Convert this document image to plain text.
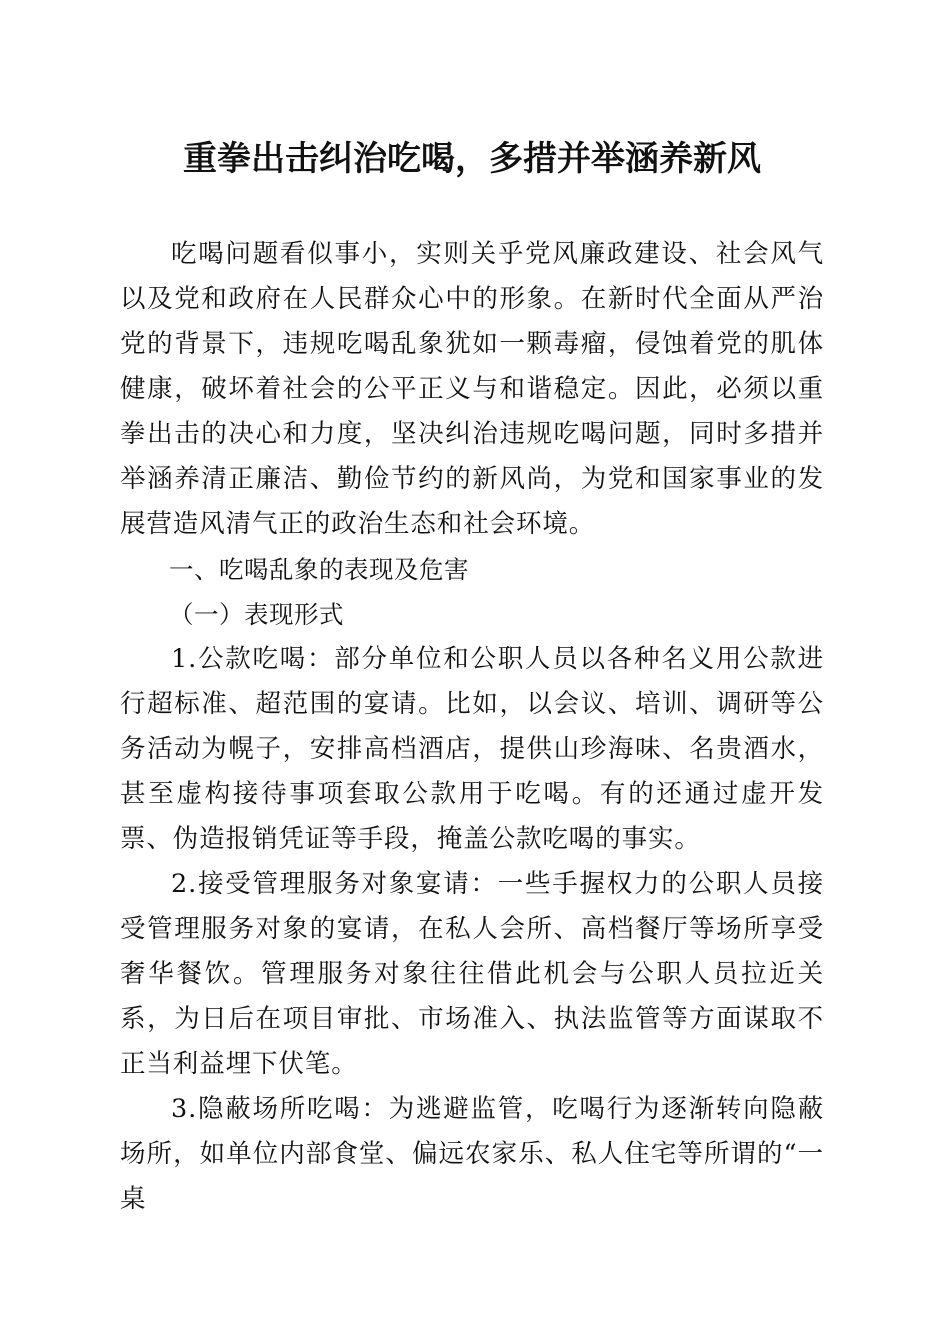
重拳出击纠治吃喝，多措并举涵养新风

吃喝问题看似事小，实则关乎党风廉政建设、社会风气以及党和政府在人民群众心中的形象。在新时代全面从严治党的背景下，违规吃喝乱象犹如一颗毒瘤，侵蚀着党的肌体健康，破坏着社会的公平正义与和谐稳定。因此，必须以重拳出击的决心和力度，坚决纠治违规吃喝问题，同时多措并举涵养清正廉洁、勤俭节约的新风尚，为党和国家事业的发展营造风清气正的政治生态和社会环境。

一、吃喝乱象的表现及危害

（一）表现形式

1.公款吃喝：部分单位和公职人员以各种名义用公款进行超标准、超范围的宴请。比如，以会议、培训、调研等公务活动为幌子，安排高档酒店，提供山珍海味、名贵酒水，甚至虚构接待事项套取公款用于吃喝。有的还通过虚开发票、伪造报销凭证等手段，掩盖公款吃喝的事实。

2.接受管理服务对象宴请：一些手握权力的公职人员接受管理服务对象的宴请，在私人会所、高档餐厅等场所享受奢华餐饮。管理服务对象往往借此机会与公职人员拉近关系，为日后在项目审批、市场准入、执法监管等方面谋取不正当利益埋下伏笔。

3.隐蔽场所吃喝：为逃避监管，吃喝行为逐渐转向隐蔽场所，如单位内部食堂、偏远农家乐、私人住宅等所谓的“一桌
